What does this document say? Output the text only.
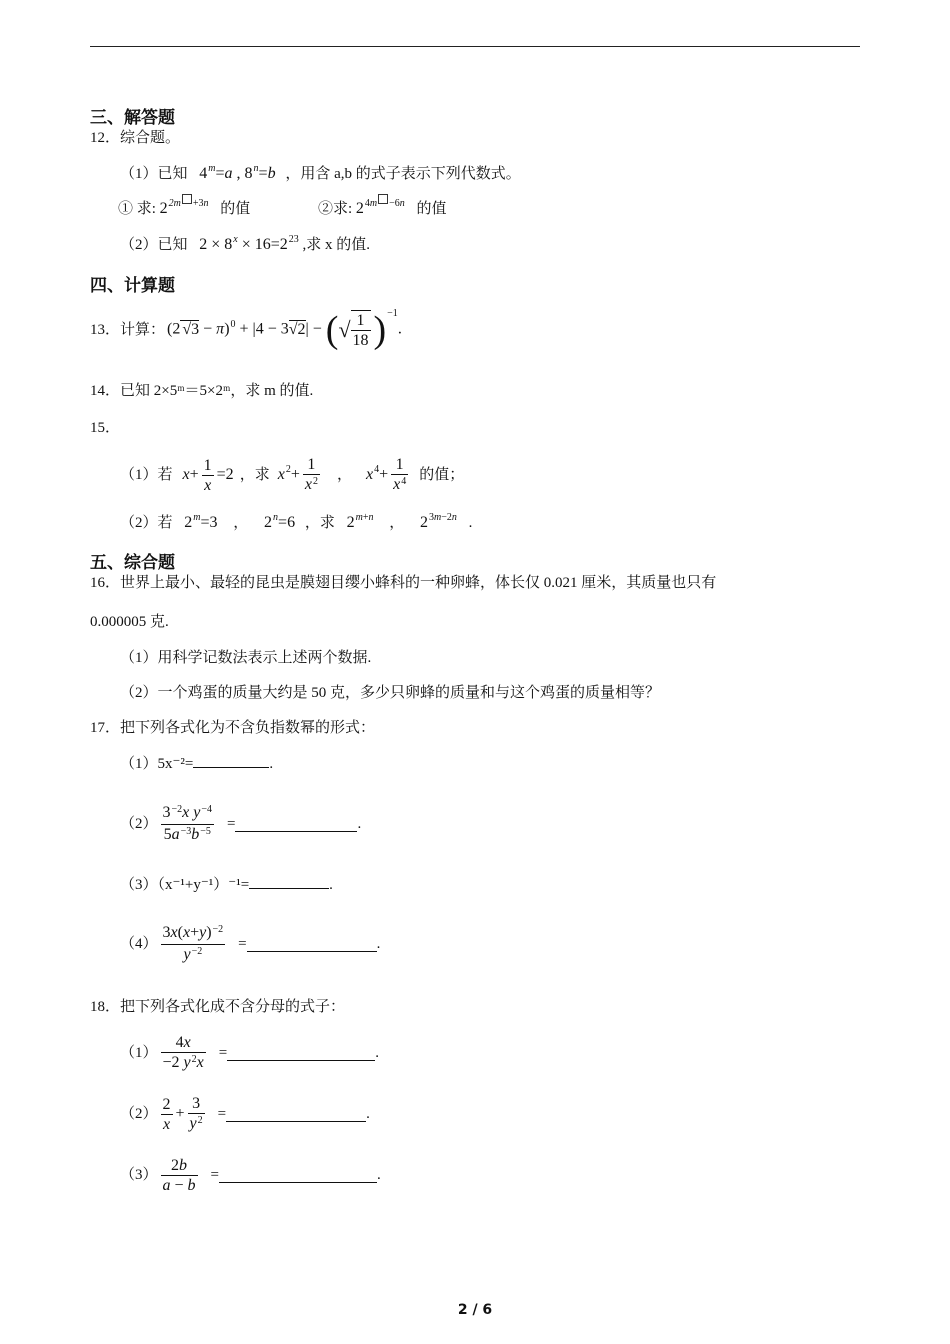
三、解答题
12．综合题。
（1）已知 $4^m=a$ , $8^n=b$ ，用含 a,b 的式子表示下列代数式。
① 求: $2^{2m +3n}$ 的值	②求: $2^{4m -6n}$ 的值
（2）已知 $2 \times 8^x \times 16=2^{23}$ ,求 x 的值.
四、计算题
13． 计算： (2 √3 − π)$^0$ + |4 − 3√2| − (√ $\frac{1}{18} )^{-1}$.
14．已知 2×5ᵐ＝5×2ᵐ，求 m 的值.
15．
（1）若 $x+ \frac{1}{x} =2$ ，求 $x^2+ \frac{1}{x^2}$ ， $x^4+ \frac{1}{x^4}$ 的值；
（2）若 $2^m=3$ ， $2^n=6$ ，求 $2^{m+n}$ ， $2^{3m-2n}$ .
五、综合题
16．世界上最小、最轻的昆虫是膜翅目缨小蜂科的一种卵蜂，体长仅 0.021 厘米，其质量也只有
0.000005 克.
（1）用科学记数法表示上述两个数据.
（2）一个鸡蛋的质量大约是 50 克，多少只卵蜂的质量和与这个鸡蛋的质量相等？
17．把下列各式化为不含负指数幂的形式：
（1）5x⁻²=	.
$(2) \frac{3^{-2}x y^{-4}}{5a^{-3}b^{-5}}$ =	.
（3）（x⁻¹+y⁻¹）⁻¹=	.
$(4) \frac{3x(x+y)^{-2}}{y^{-2}}$ =	.
18．把下列各式化成不含分母的式子：
$(1) \frac{4x}{-2 y^2x}$ =	.
$(2) \frac{2}{x} + \frac{3}{y^2}$ =	.
$(3) \frac{2b}{a - b}$ =	.
2 / 6
